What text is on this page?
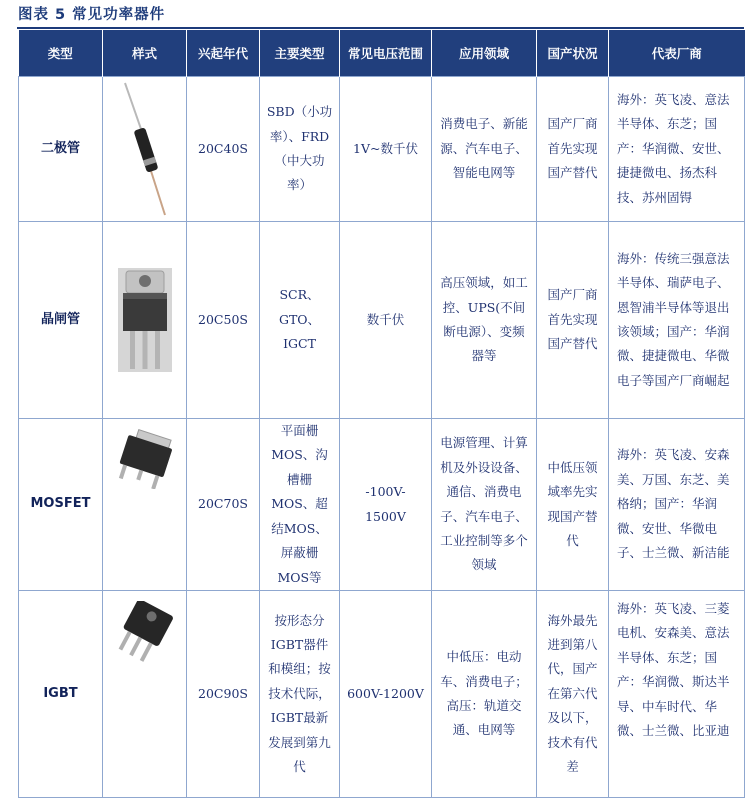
图表 5 常见功率器件
类型	样式	兴起年代	主要类型	常见电压范围	应用领域	国产状况	代表厂商
二极管		20C40S	SBD（小功率）、FRD（中大功率）	1V~数千伏	消费电子、新能源、汽车电子、智能电网等	国产厂商首先实现国产替代	海外：英飞凌、意法半导体、东芝；国产：华润微、安世、捷捷微电、扬杰科技、苏州固锝
晶闸管		20C50S	SCR、GTO、IGCT	数千伏	高压领域，如工控、UPS(不间断电源）、变频器等	国产厂商首先实现国产替代	海外：传统三强意法半导体、瑞萨电子、恩智浦半导体等退出该领域；国产：华润微、捷捷微电、华微电子等国产厂商崛起
MOSFET		20C70S	平面栅MOS、沟槽栅MOS、超结MOS、屏蔽栅MOS等	-100V-1500V	电源管理、计算机及外设设备、通信、消费电子、汽车电子、工业控制等多个领域	中低压领域率先实现国产替代	海外：英飞凌、安森美、万国、东芝、美格纳；国产：华润微、安世、华微电子、士兰微、新洁能
IGBT		20C90S	按形态分IGBT器件和模组；按技术代际，IGBT最新发展到第九代	600V-1200V	中低压：电动车、消费电子；高压：轨道交通、电网等	海外最先进到第八代，国产在第六代及以下，技术有代差	海外：英飞凌、三菱电机、安森美、意法半导体、东芝；国产：华润微、斯达半导、中车时代、华微、士兰微、比亚迪
